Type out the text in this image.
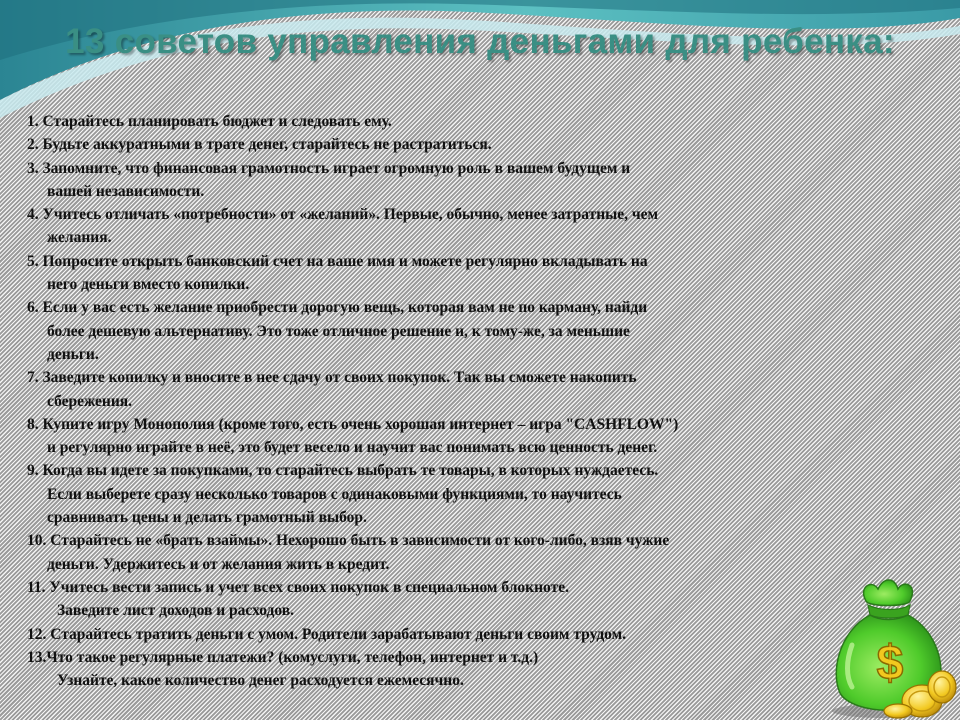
13 советов управления деньгами для ребенка:
1. Старайтесь планировать бюджет и следовать ему.
2. Будьте аккуратными в трате денег, старайтесь не растратиться.
3. Запомните, что финансовая грамотность играет огромную роль в вашем будущем и
вашей независимости.
4. Учитесь отличать «потребности» от «желаний». Первые, обычно, менее затратные, чем
желания.
5. Попросите открыть банковский счет на ваше имя и можете регулярно вкладывать на
него деньги вместо копилки.
6. Если у вас есть желание приобрести дорогую вещь, которая вам не по карману, найди
более дешевую альтернативу. Это тоже отличное решение и, к тому-же, за меньшие
деньги.
7. Заведите копилку и вносите в нее сдачу от своих покупок. Так вы сможете накопить
сбережения.
8. Купите игру Монополия (кроме того, есть очень хорошая интернет – игра "CASHFLOW")
и регулярно играйте в неё, это будет весело и научит вас понимать всю ценность денег.
9. Когда вы идете за покупками, то старайтесь выбрать те товары, в которых нуждаетесь.
Если выберете сразу несколько товаров с одинаковыми функциями, то научитесь
сравнивать цены и делать грамотный выбор.
10. Старайтесь не «брать взаймы». Нехорошо быть в зависимости от кого-либо, взяв чужие
деньги. Удержитесь и от желания жить в кредит.
11. Учитесь вести запись и учет всех своих покупок в специальном блокноте.
Заведите лист доходов и расходов.
12. Старайтесь тратить деньги с умом. Родители зарабатывают деньги своим трудом.
13.Что такое регулярные платежи? (комуслуги, телефон, интернет и т.д.)
Узнайте, какое количество денег расходуется ежемесячно.	$
